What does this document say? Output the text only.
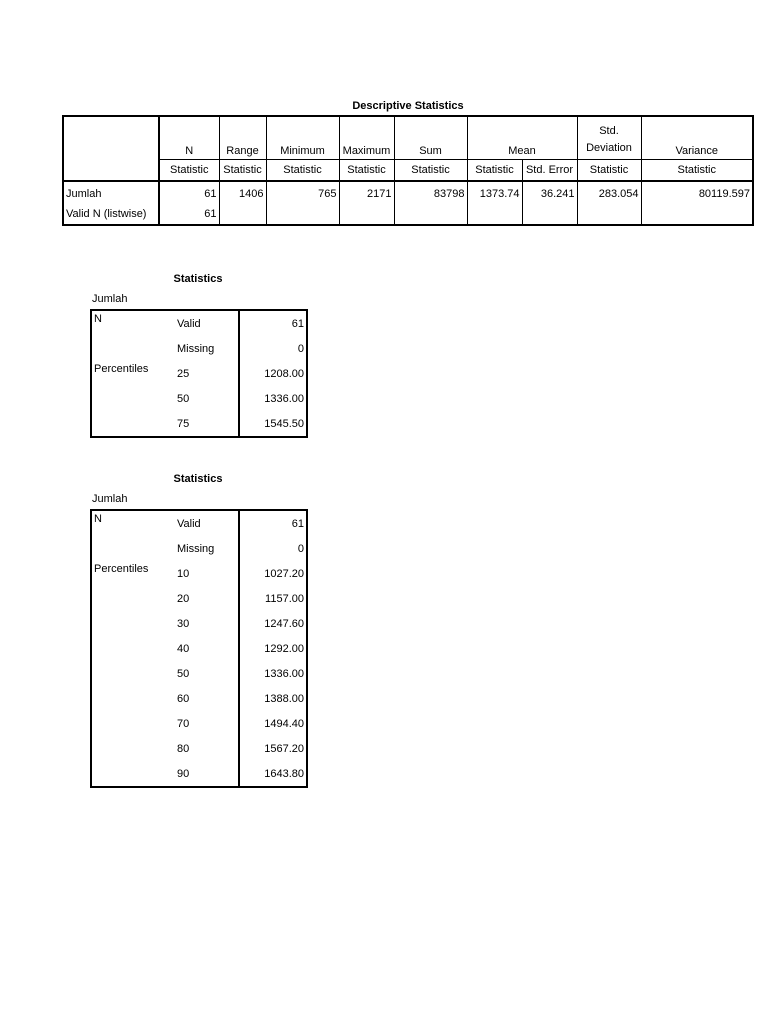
Descriptive Statistics
	N	Range	Minimum	Maximum	Sum	Mean		Std.
Deviation	Variance
	Statistic	Statistic	Statistic	Statistic	Statistic	Statistic	Std. Error	Statistic	Statistic
Jumlah	61	1406	765	2171	83798	1373.74	36.241	283.054	80119.597
Valid N (listwise)	61								
Statistics
Jumlah
N	Valid	61
	Missing	0
Percentiles	25	1208.00
	50	1336.00
	75	1545.50
Statistics
Jumlah
N	Valid	61
	Missing	0
Percentiles	10	1027.20
	20	1157.00
	30	1247.60
	40	1292.00
	50	1336.00
	60	1388.00
	70	1494.40
	80	1567.20
	90	1643.80
